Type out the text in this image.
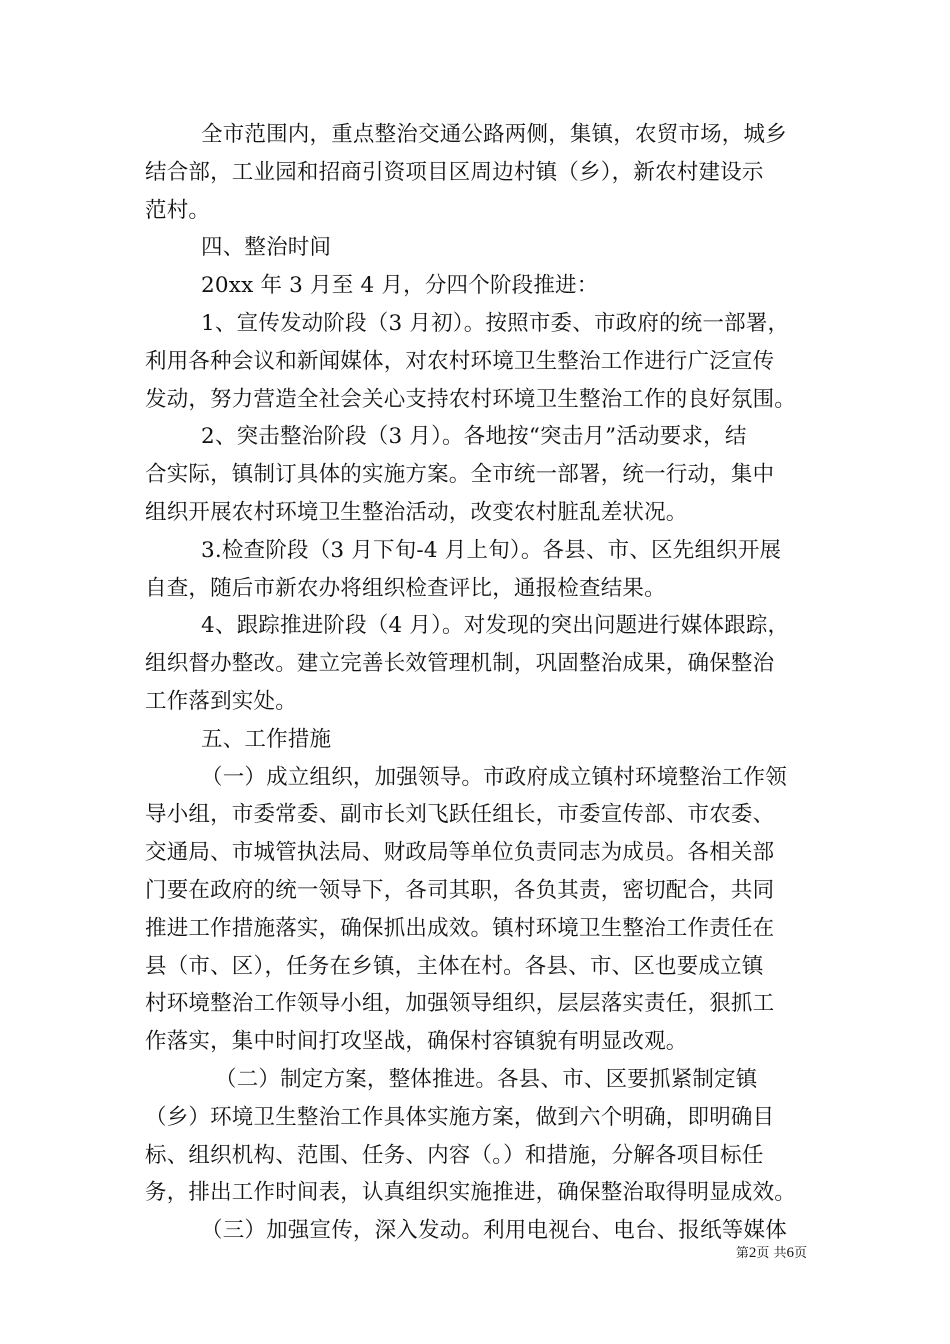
全市范围内，重点整治交通公路两侧，集镇，农贸市场，城乡
结合部，工业园和招商引资项目区周边村镇（乡），新农村建设示
范村。
四、整治时间
20xx 年 3 月至 4 月，分四个阶段推进：
1、宣传发动阶段（3 月初）。按照市委、市政府的统一部署，
利用各种会议和新闻媒体，对农村环境卫生整治工作进行广泛宣传
发动，努力营造全社会关心支持农村环境卫生整治工作的良好氛围。
2、突击整治阶段（3 月）。各地按“突击月”活动要求，结
合实际，镇制订具体的实施方案。全市统一部署，统一行动，集中
组织开展农村环境卫生整治活动，改变农村脏乱差状况。
3.检查阶段（3 月下旬-4 月上旬）。各县、市、区先组织开展
自查，随后市新农办将组织检查评比，通报检查结果。
4、跟踪推进阶段（4 月）。对发现的突出问题进行媒体跟踪，
组织督办整改。建立完善长效管理机制，巩固整治成果，确保整治
工作落到实处。
五、工作措施
（一）成立组织，加强领导。市政府成立镇村环境整治工作领
导小组，市委常委、副市长刘飞跃任组长，市委宣传部、市农委、
交通局、市城管执法局、财政局等单位负责同志为成员。各相关部
门要在政府的统一领导下，各司其职，各负其责，密切配合，共同
推进工作措施落实，确保抓出成效。镇村环境卫生整治工作责任在
县（市、区），任务在乡镇，主体在村。各县、市、区也要成立镇
村环境整治工作领导小组，加强领导组织，层层落实责任，狠抓工
作落实，集中时间打攻坚战，确保村容镇貌有明显改观。
（二）制定方案，整体推进。各县、市、区要抓紧制定镇
（乡）环境卫生整治工作具体实施方案，做到六个明确，即明确目
标、组织机构、范围、任务、内容（。）和措施，分解各项目标任
务，排出工作时间表，认真组织实施推进，确保整治取得明显成效。
（三）加强宣传，深入发动。利用电视台、电台、报纸等媒体
第2页 共6页
